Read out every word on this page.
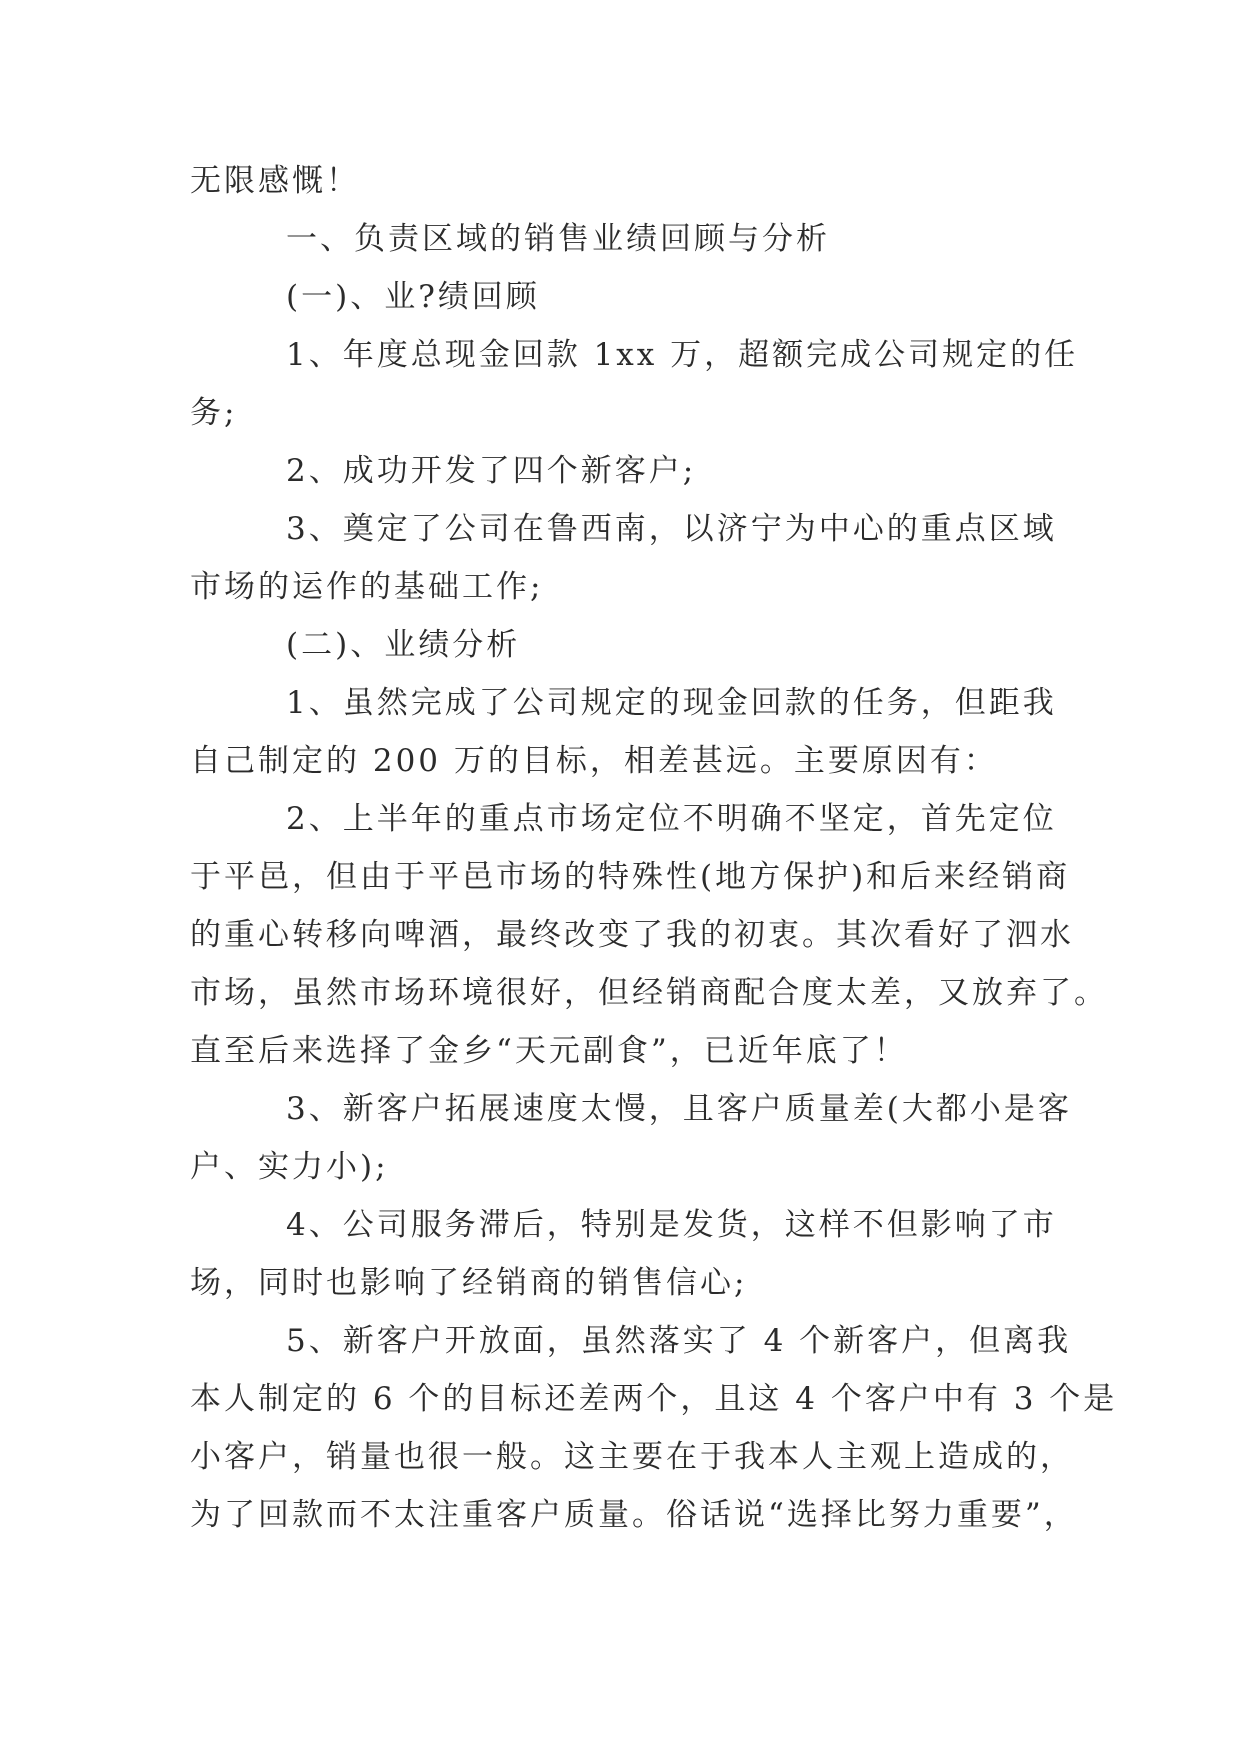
无限感慨！
一、负责区域的销售业绩回顾与分析
(一)、业?绩回顾
1、年度总现金回款 1xx 万，超额完成公司规定的任
务;
2、成功开发了四个新客户;
3、奠定了公司在鲁西南，以济宁为中心的重点区域
市场的运作的基础工作;
(二)、业绩分析
1、虽然完成了公司规定的现金回款的任务，但距我
自己制定的 200 万的目标，相差甚远。主要原因有：
2、上半年的重点市场定位不明确不坚定，首先定位
于平邑，但由于平邑市场的特殊性(地方保护)和后来经销商
的重心转移向啤酒，最终改变了我的初衷。其次看好了泗水
市场，虽然市场环境很好，但经销商配合度太差，又放弃了。
直至后来选择了金乡“天元副食”，已近年底了！
3、新客户拓展速度太慢，且客户质量差(大都小是客
户、实力小);
4、公司服务滞后，特别是发货，这样不但影响了市
场，同时也影响了经销商的销售信心;
5、新客户开放面，虽然落实了 4 个新客户，但离我
本人制定的 6 个的目标还差两个，且这 4 个客户中有 3 个是
小客户，销量也很一般。这主要在于我本人主观上造成的，
为了回款而不太注重客户质量。俗话说“选择比努力重要”，
